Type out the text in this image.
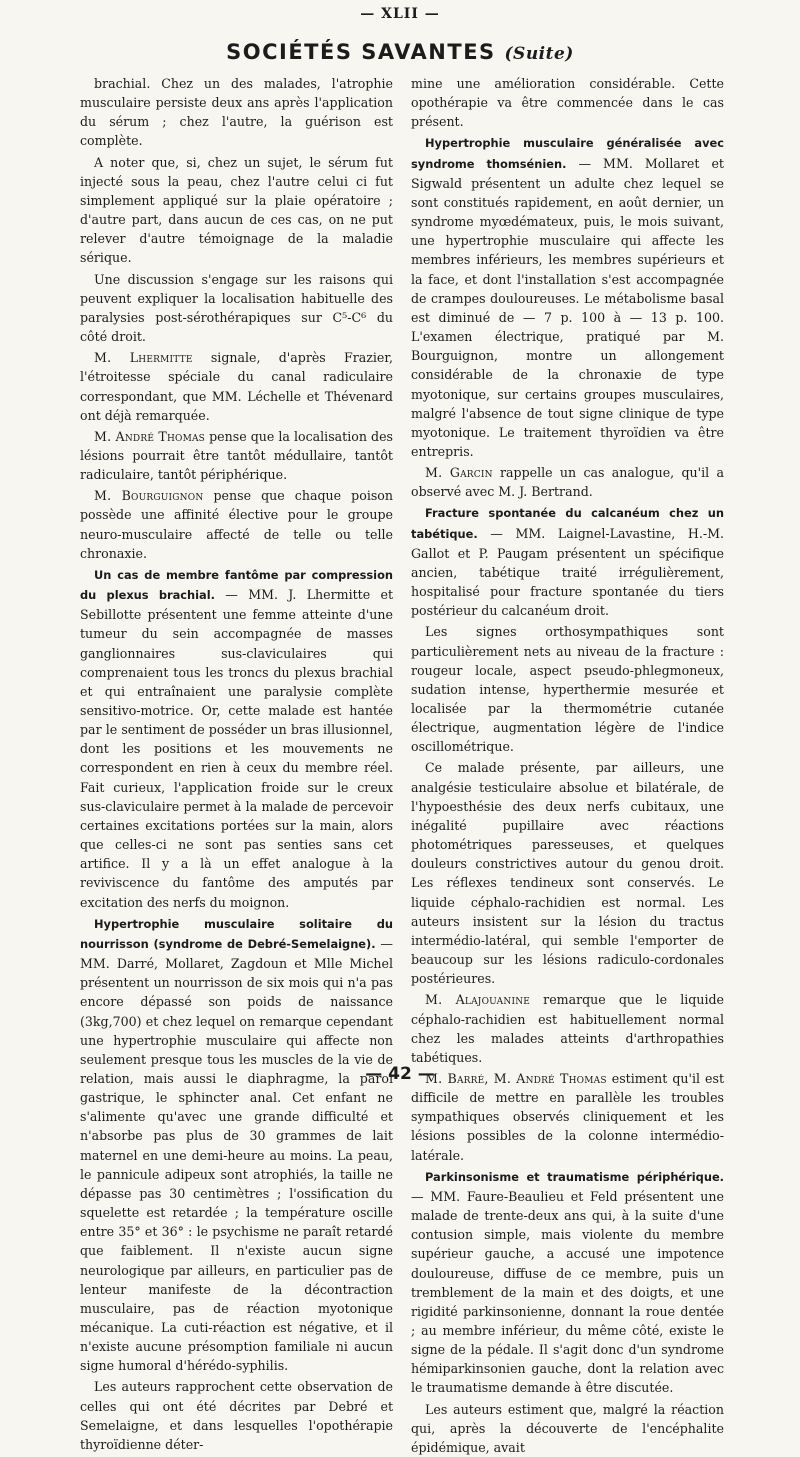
— XLII —
SOCIÉTÉS SAVANTES (Suite)

brachial. Chez un des malades, l'atrophie musculaire persiste deux ans après l'application du sérum ; chez l'autre, la guérison est complète.

A noter que, si, chez un sujet, le sérum fut injecté sous la peau, chez l'autre celui ci fut simplement appliqué sur la plaie opératoire ; d'autre part, dans aucun de ces cas, on ne put relever d'autre témoignage de la maladie sérique.

Une discussion s'engage sur les raisons qui peuvent expliquer la localisation habituelle des paralysies post-sérothérapiques sur C⁵-C⁶ du côté droit.

M. Lhermitte signale, d'après Frazier, l'étroitesse spéciale du canal radiculaire correspondant, que MM. Léchelle et Thévenard ont déjà remarquée.

M. André Thomas pense que la localisation des lésions pourrait être tantôt médullaire, tantôt radiculaire, tantôt périphérique.

M. Bourguignon pense que chaque poison possède une affinité élective pour le groupe neuro-musculaire affecté de telle ou telle chronaxie.

Un cas de membre fantôme par compression du plexus brachial. — MM. J. Lhermitte et Sebillotte présentent une femme atteinte d'une tumeur du sein accompagnée de masses ganglionnaires sus-claviculaires qui comprenaient tous les troncs du plexus brachial et qui entraînaient une paralysie complète sensitivo-motrice. Or, cette malade est hantée par le sentiment de posséder un bras illusionnel, dont les positions et les mouvements ne correspondent en rien à ceux du membre réel. Fait curieux, l'application froide sur le creux sus-claviculaire permet à la malade de percevoir certaines excitations portées sur la main, alors que celles-ci ne sont pas senties sans cet artifice. Il y a là un effet analogue à la reviviscence du fantôme des amputés par excitation des nerfs du moignon.

Hypertrophie musculaire solitaire du nourrisson (syndrome de Debré-Semelaigne). — MM. Darré, Mollaret, Zagdoun et Mlle Michel présentent un nourrisson de six mois qui n'a pas encore dépassé son poids de naissance (3kg,700) et chez lequel on remarque cependant une hypertrophie musculaire qui affecte non seulement presque tous les muscles de la vie de relation, mais aussi le diaphragme, la paroi gastrique, le sphincter anal. Cet enfant ne s'alimente qu'avec une grande difficulté et n'absorbe pas plus de 30 grammes de lait maternel en une demi-heure au moins. La peau, le pannicule adipeux sont atrophiés, la taille ne dépasse pas 30 centimètres ; l'ossification du squelette est retardée ; la température oscille entre 35° et 36° : le psychisme ne paraît retardé que faiblement. Il n'existe aucun signe neurologique par ailleurs, en particulier pas de lenteur manifeste de la décontraction musculaire, pas de réaction myotonique mécanique. La cuti-réaction est négative, et il n'existe aucune présomption familiale ni aucun signe humoral d'hérédo-syphilis.

Les auteurs rapprochent cette observation de celles qui ont été décrites par Debré et Semelaigne, et dans lesquelles l'opothérapie thyroïdienne déter-

mine une amélioration considérable. Cette opothérapie va être commencée dans le cas présent.

Hypertrophie musculaire généralisée avec syndrome thomsénien. — MM. Mollaret et Sigwald présentent un adulte chez lequel se sont constitués rapidement, en août dernier, un syndrome myœdémateux, puis, le mois suivant, une hypertrophie musculaire qui affecte les membres inférieurs, les membres supérieurs et la face, et dont l'installation s'est accompagnée de crampes douloureuses. Le métabolisme basal est diminué de — 7 p. 100 à — 13 p. 100. L'examen électrique, pratiqué par M. Bourguignon, montre un allongement considérable de la chronaxie de type myotonique, sur certains groupes musculaires, malgré l'absence de tout signe clinique de type myotonique. Le traitement thyroïdien va être entrepris.

M. Garcin rappelle un cas analogue, qu'il a observé avec M. J. Bertrand.

Fracture spontanée du calcanéum chez un tabétique. — MM. Laignel-Lavastine, H.-M. Gallot et P. Paugam présentent un spécifique ancien, tabétique traité irrégulièrement, hospitalisé pour fracture spontanée du tiers postérieur du calcanéum droit.

Les signes orthosympathiques sont particulièrement nets au niveau de la fracture : rougeur locale, aspect pseudo-phlegmoneux, sudation intense, hyperthermie mesurée et localisée par la thermométrie cutanée électrique, augmentation légère de l'indice oscillométrique.

Ce malade présente, par ailleurs, une analgésie testiculaire absolue et bilatérale, de l'hypoesthésie des deux nerfs cubitaux, une inégalité pupillaire avec réactions photométriques paresseuses, et quelques douleurs constrictives autour du genou droit. Les réflexes tendineux sont conservés. Le liquide céphalo-rachidien est normal. Les auteurs insistent sur la lésion du tractus intermédio-latéral, qui semble l'emporter de beaucoup sur les lésions radiculo-cordonales postérieures.

M. Alajouanine remarque que le liquide céphalo-rachidien est habituellement normal chez les malades atteints d'arthropathies tabétiques.

M. Barré, M. André Thomas estiment qu'il est difficile de mettre en parallèle les troubles sympathiques observés cliniquement et les lésions possibles de la colonne intermédio-latérale.

Parkinsonisme et traumatisme périphérique. — MM. Faure-Beaulieu et Feld présentent une malade de trente-deux ans qui, à la suite d'une contusion simple, mais violente du membre supérieur gauche, a accusé une impotence douloureuse, diffuse de ce membre, puis un tremblement de la main et des doigts, et une rigidité parkinsonienne, donnant la roue dentée ; au membre inférieur, du même côté, existe le signe de la pédale. Il s'agit donc d'un syndrome hémiparkinsonien gauche, dont la relation avec le traumatisme demande à être discutée.

Les auteurs estiment que, malgré la réaction qui, après la découverte de l'encéphalite épidémique, avait

— 42 —
